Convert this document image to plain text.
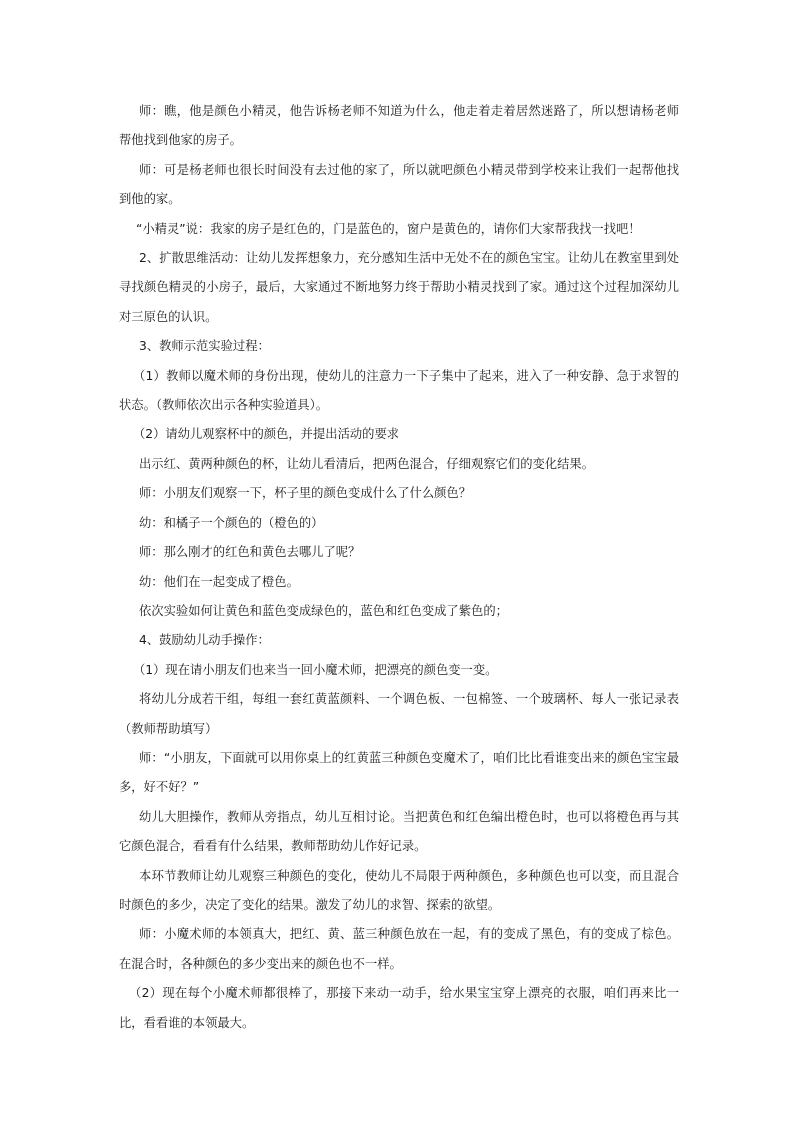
师：瞧，他是颜色小精灵，他告诉杨老师不知道为什么，他走着走着居然迷路了，所以想请杨老师帮他找到他家的房子。

师：可是杨老师也很长时间没有去过他的家了，所以就吧颜色小精灵带到学校来让我们一起帮他找到他的家。

“小精灵”说：我家的房子是红色的，门是蓝色的，窗户是黄色的，请你们大家帮我找一找吧！

2、扩散思维活动：让幼儿发挥想象力，充分感知生活中无处不在的颜色宝宝。让幼儿在教室里到处寻找颜色精灵的小房子，最后，大家通过不断地努力终于帮助小精灵找到了家。通过这个过程加深幼儿对三原色的认识。

3、教师示范实验过程：

（1）教师以魔术师的身份出现，使幼儿的注意力一下子集中了起来，进入了一种安静、急于求智的状态。（教师依次出示各种实验道具）。

（2）请幼儿观察杯中的颜色，并提出活动的要求

出示红、黄两种颜色的杯，让幼儿看清后，把两色混合，仔细观察它们的变化结果。

师：小朋友们观察一下，杯子里的颜色变成什么了什么颜色？

幼：和橘子一个颜色的（橙色的）

师：那么刚才的红色和黄色去哪儿了呢？

幼：他们在一起变成了橙色。

依次实验如何让黄色和蓝色变成绿色的，蓝色和红色变成了紫色的；

4、鼓励幼儿动手操作：

（1）现在请小朋友们也来当一回小魔术师，把漂亮的颜色变一变。

将幼儿分成若干组，每组一套红黄蓝颜料、一个调色板、一包棉签、一个玻璃杯、每人一张记录表（教师帮助填写）

师：“小朋友，下面就可以用你桌上的红黄蓝三种颜色变魔术了，咱们比比看谁变出来的颜色宝宝最多，好不好？”

幼儿大胆操作，教师从旁指点，幼儿互相讨论。当把黄色和红色编出橙色时，也可以将橙色再与其它颜色混合，看看有什么结果，教师帮助幼儿作好记录。

本环节教师让幼儿观察三种颜色的变化，使幼儿不局限于两种颜色，多种颜色也可以变，而且混合时颜色的多少，决定了变化的结果。激发了幼儿的求智、探索的欲望。

师：小魔术师的本领真大，把红、黄、蓝三种颜色放在一起，有的变成了黑色，有的变成了棕色。在混合时，各种颜色的多少变出来的颜色也不一样。

（2）现在每个小魔术师都很棒了，那接下来动一动手，给水果宝宝穿上漂亮的衣服，咱们再来比一比，看看谁的本领最大。
